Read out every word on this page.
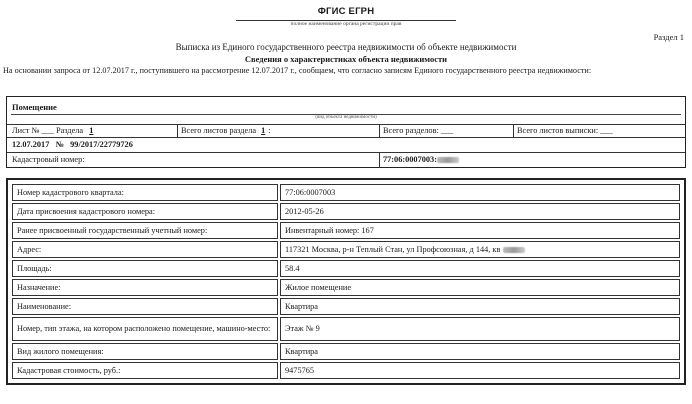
ФГИС ЕГРН
полное наименование органа регистрации прав
Раздел 1
Выписка из Единого государственного реестра недвижимости об объекте недвижимости
Сведения о характеристиках объекта недвижимости
На основании запроса от 12.07.2017 г., поступившего на рассмотрение 12.07.2017 г., сообщаем, что согласно записям Единого государственного реестра недвижимости:
Помещение
(вид объекта недвижимости)
Лист № ___ Раздела 1	Всего листов раздела 1 :	Всего разделов: ___	Всего листов выписки: ___
12.07.2017 № 99/2017/22779726
Кадастровый номер:	77:06:0007003:
Номер кадастрового квартала:	77:06:0007003
Дата присвоения кадастрового номера:	2012-05-26
Ранее присвоенный государственный учетный номер:	Инвентарный номер: 167
Адрес:	117321 Москва, р-н Теплый Стан, ул Профсоюзная, д 144, кв
Площадь:	58.4
Назначение:	Жилое помещение
Наименование:	Квартира
Номер, тип этажа, на котором расположено помещение, машино-место:	Этаж № 9
Вид жилого помещения:	Квартира
Кадастровая стоимость, руб.:	9475765
